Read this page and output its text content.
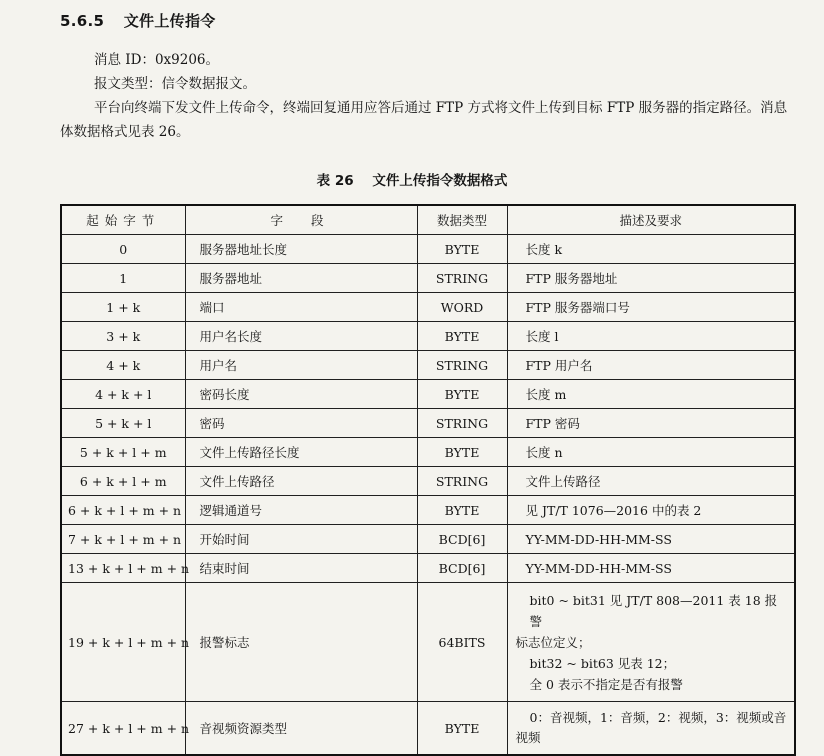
5.6.5 文件上传指令
消息 ID：0x9206。
报文类型：信令数据报文。
平台向终端下发文件上传命令，终端回复通用应答后通过 FTP 方式将文件上传到目标 FTP 服务器的指定路径。消息体数据格式见表 26。
表 26 文件上传指令数据格式
起始字节	字段	数据类型	描述及要求
0	服务器地址长度	BYTE	长度 k
1	服务器地址	STRING	FTP 服务器地址
1 + k	端口	WORD	FTP 服务器端口号
3 + k	用户名长度	BYTE	长度 l
4 + k	用户名	STRING	FTP 用户名
4 + k + l	密码长度	BYTE	长度 m
5 + k + l	密码	STRING	FTP 密码
5 + k + l + m	文件上传路径长度	BYTE	长度 n
6 + k + l + m	文件上传路径	STRING	文件上传路径
6 + k + l + m + n	逻辑通道号	BYTE	见 JT/T 1076—2016 中的表 2
7 + k + l + m + n	开始时间	BCD[6]	YY-MM-DD-HH-MM-SS
13 + k + l + m + n	结束时间	BCD[6]	YY-MM-DD-HH-MM-SS
19 + k + l + m + n	报警标志	64BITS	bit0 ~ bit31 见 JT/T 808—2011 表 18 报警
标志位定义；
bit32 ~ bit63 见表 12；
全 0 表示不指定是否有报警

27 + k + l + m + n	音视频资源类型	BYTE	0：音视频，1：音频，2：视频，3：视频或音
视频
